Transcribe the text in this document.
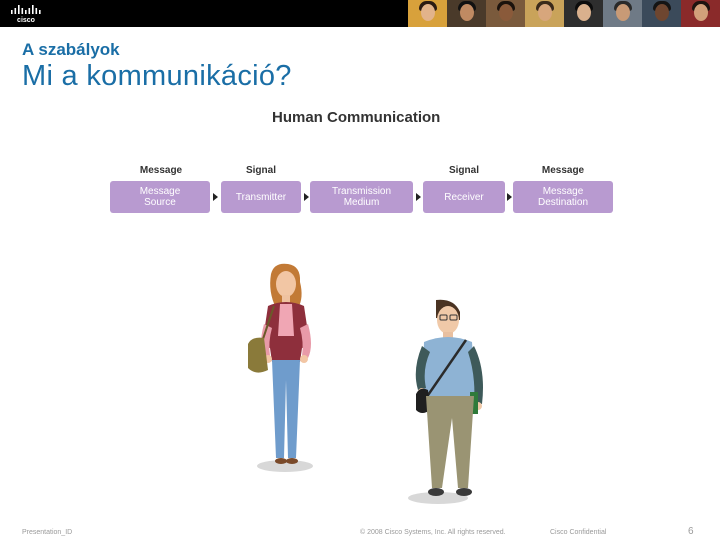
cisco
A szabályok
Mi a kommunikáció?
Human Communication
Message	Signal	Signal	Message
Message
Source	Transmitter	Transmission
Medium	Receiver	Message
Destination
Presentation_ID	© 2008 Cisco Systems, Inc. All rights reserved.	Cisco Confidential	6
